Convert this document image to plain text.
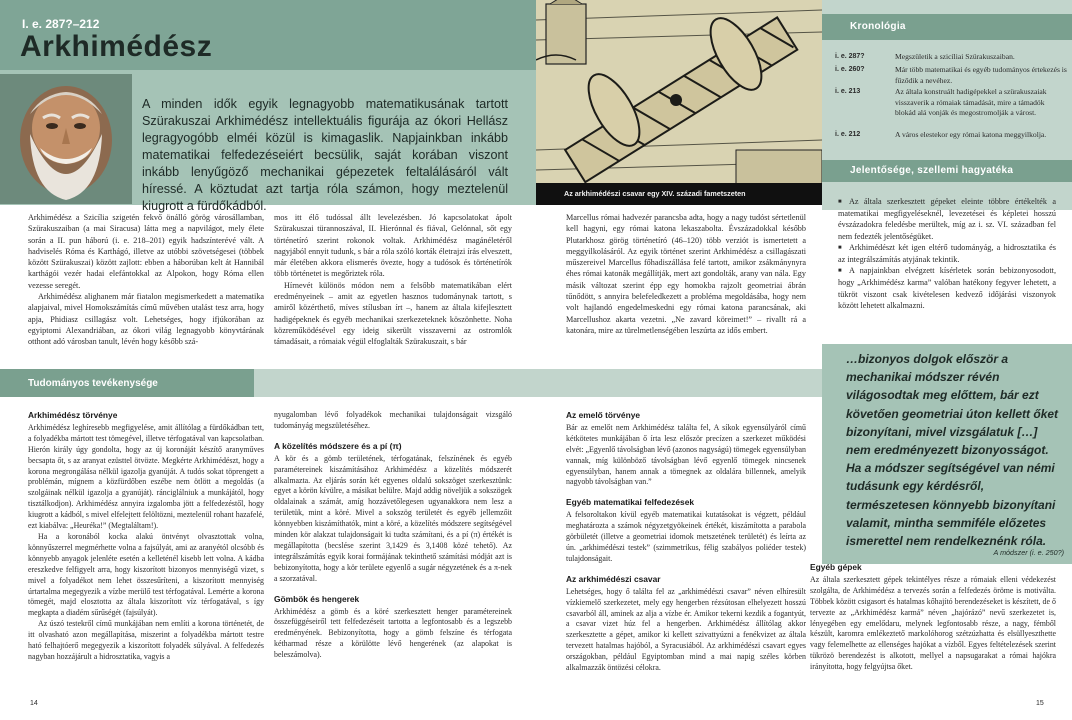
I. e. 287?–212
Arkhimédész
A minden idők egyik legnagyobb matematikusának tartott Szürakuszai Arkhimédész intellektuális figurája az ókori Hellász legragyogóbb elméi közül is kimagaslik. Napjainkban inkább matematikai felfedezéseiért becsülik, saját korában viszont inkább lenyűgöző mechanikai gépezetek feltalálásáról vált híressé. A köztudat azt tartja róla számon, hogy meztelenül kiugrott a fürdőkádból.
Az arkhimédészi csavar egy XIV. századi fametszeten
Kronológia
i. e. 287?	Megszületik a szicíliai Szürakuszaiban.
i. e. 260?	Már több matematikai és egyéb tudományos értekezés is fűződik a nevéhez.
i. e. 213	Az általa konstruált hadigépekkel a szürakuszaiak visszaverik a rómaiak támadását, mire a támadók blokád alá vonják és megostromolják a várost.
i. e. 212	A város elestekor egy római katona meggyilkolja.
Jelentősége, szellemi hagyatéka
■ Az általa szerkesztett gépeket eleinte többre értékelték a matematikai megfigyeléseknél, levezetései és képletei hosszú évszázadokra feledésbe merültek, míg az i. sz. VI. században fel nem fedezték jelentőségüket.
■ Arkhimédészt két igen eltérő tudományág, a hidrosztatika és az integrálszámítás atyjának tekintik.
■ A napjainkban elvégzett kísérletek során bebizonyosodott, hogy „Arkhimédész karma” valóban hatékony fegyver lehetett, a tükröt viszont csak kivételesen kedvező időjárási viszonyok között lehetett alkalmazni.
…bizonyos dolgok először a mechanikai módszer révén világosodtak meg előttem, bár ezt követően geometriai úton kellett őket bizonyítani, mivel vizsgálatuk […] nem eredményezett bizonyosságot. Ha a módszer segítségével van némi tudásunk egy kérdésről, természetesen könnyebb bizonyítani valamit, mintha semmiféle előzetes ismerettel nem rendelkeznénk róla.
A módszer (i. e. 250?)

Arkhimédész a Szicília szigetén fekvő önálló görög városállamban, Szürakuszaiban (a mai Siracusa) látta meg a napvilágot, mely élete során a II. pun háború (i. e. 218–201) egyik hadszínterévé vált. A hadviselés Róma és Karthágó, illetve az utóbbi szövetségesei (többek között Szürakuszai) között zajlott: ebben a háborúban kelt át Hannibál karthágói vezér hadai elefántokkal az Alpokon, hogy Róma ellen vezesse seregét.

Arkhimédész alighanem már fiatalon megismerkedett a matematika alapjaival, mivel Homokszámítás című művében utalást tesz arra, hogy apja, Phidiasz csillagász volt. Lehetséges, hogy ifjúkorában az egyiptomi Alexandriában, az ókori világ legnagyobb könyvtárának otthont adó városban tanult, lévén hogy később szá-

mos itt élő tudóssal állt levelezésben. Jó kapcsolatokat ápolt Szürakuszai türannoszával, II. Hierónnal és fiával, Gelónnal, sőt egy történetíró szerint rokonok voltak. Arkhimédész magánéletéről nagyjából ennyit tudunk, s bár a róla szóló korták életrajzi írás elveszett, már életében akkora elismerés övezte, hogy a tudósok és történetírók több történetet is megőriztek róla.

Hírnevét különös módon nem a felsőbb matematikában elért eredményeinek – amit az egyetlen hasznos tudománynak tartott, s amiről közérthető, míves stílusban írt –, hanem az általa kifejlesztett hadigépeknek és egyéb mechanikai szerkezeteknek köszönhette. Noha közreműködésével egy ideig sikerült visszaverni az ostromlók támadásait, a rómaiak végül elfoglalták Szürakuszait, s bár

Marcellus római hadvezér parancsba adta, hogy a nagy tudóst sértetlenül kell hagyni, egy római katona lekaszabolta. Évszázadokkal később Plutarkhosz görög történetíró (46–120) több verziót is ismertetett a meggyilkolásáról. Az egyik történet szerint Arkhimédész a csillagászati műszereivel Marcellus főhadiszállása felé tartott, amikor zsákmánynyra éhes római katonák megállítják, mert azt gondolták, arany van nála. Egy másik változat szerint épp egy homokba rajzolt geometriai ábrán tűnődött, s annyira belefeledkezett a probléma megoldásába, hogy nem volt hajlandó engedelmeskedni egy római katona parancsának, aki Marcellushoz akarta vezetni. „Ne zavard köreimet!” – rivallt rá a katonára, mire az türelmetlenségében leszúrta az idős embert.

Tudományos tevékenysége
Arkhimédész törvénye

Arkhimédész leghíresebb megfigyelése, amit állítólag a fürdőkádban tett, a folyadékba mártott test tömegével, illetve térfogatával van kapcsolatban. Hierón király úgy gondolta, hogy az új koronáját készítő aranyműves becsapta őt, s az aranyat ezüsttel ötvözte. Megkérte Arkhimédészt, hogy a korona megrongálása nélkül igazolja gyanúját. A tudós sokat töprengett a problémán, mígnem a közfürdőben eszébe nem ötlött a megoldás (a szolgáinak nélkül igazolja a gyanúját). ránciglálniuk a munkájától, hogy tisztálkodjon). Arkhimédész annyira izgalomba jött a felfedezéstől, hogy kiugrott a kádból, s mivel elfelejtett felöltözni, meztelenül rohant hazafelé, ezt kiabálva: „Heuréka!” (Megtaláltam!).

Ha a koronából kocka alakú öntvényt olvasztottak volna, könnyűszerrel megmérhette volna a fajsúlyát, ami az aranyétól olcsóbb és könnyebb anyagok jelenléte esetén a kelleténél kisebb lett volna. A kádba ereszkedve felfigyelt arra, hogy kiszorított bizonyos mennyiségű vizet, s mivel a folyadékot nem lehet összesűríteni, a kiszorított mennyiség úrtartalma megegyezik a vízbe merülő test térfogatával. Lemérte a korona tömegét, majd elosztotta az általa kiszorított víz térfogatával, s így megkapta a diadém sűrűségét (fajsúlyát).

Az úszó testekről című munkájában nem említi a korona történetét, de itt olvasható azon megállapítása, miszerint a folyadékba mártott testre ható felhajtóerő megegyezik a kiszorított folyadék súlyával. A felfedezés nagyban hozzájárult a hidrosztatika, vagyis a

nyugalomban lévő folyadékok mechanikai tulajdonságait vizsgáló tudományág megszületéséhez.

A közelítés módszere és a pí (π)

A kör és a gömb területének, térfogatának, felszínének és egyéb paramétereinek kiszámításához Arkhimédész a közelítés módszerét alkalmazta. Az eljárás során két egyenes oldalú sokszöget szerkesztünk: egyet a körön kívülre, a másikat belülre. Majd addig növeljük a sokszögek oldalainak a számát, amíg hozzávetőlegesen ugyanakkora nem lesz a területük, mint a köré. Mivel a sokszög területét és egyéb jellemzőit könnyebben kiszámíthatók, mint a köré, a közelítés módszere segítségével minden kör alakzat tulajdonságait ki tudta számítani, és a pí (π) értékét is megállapította (becslése szerint 3,1429 és 3,1408 közé tehető). Az integrálszámítás egyik korai formájának tekinthető számítási módját azt is bebizonyította, hogy a kör területe egyenlő a sugár négyzetének és a π-nek a szorzatával.

Gömbök és hengerek

Arkhimédész a gömb és a köré szerkesztett henger paramétereinek összefüggéseiről tett felfedezéseit tartotta a legfontosabb és a legszebb eredményének. Bebizonyította, hogy a gömb felszíne és térfogata kétharmad része a körülötte lévő hengerének (az alapokat is beleszámolva).

Az emelő törvénye

Bár az emelőt nem Arkhimédész találta fel, A síkok egyensúlyáról című kétkötetes munkájában ő írta lesz először precízen a szerkezet működési elvét: „Egyenlő távolságban lévő (azonos nagyságú) tömegek egyensúlyban vannak, míg különböző távolságban lévő egyenlő tömegek nincsenek egyensúlyban, hanem annak a tömegnek az oldalára billennek, amelyik nagyobb távolságban van.”

Egyéb matematikai felfedezések

A felsoroltakon kívül egyéb matematikai kutatásokat is végzett, például meghatározta a számok négyzetgyökeinek értékét, kiszámította a parabola görbületét (illetve a geometriai idomok metszetének területét) és leírta az ún. „arkhimédészi testek” (szimmetrikus, félig szabályos poliéder testek) tulajdonságait.

Az arkhimédészi csavar

Lehetséges, hogy ő találta fel az „arkhimédészi csavar” néven elhíresült vízkiemelő szerkezetet, mely egy hengerben rézsútosan elhelyezett hosszú csavarból áll, aminek az alja a vízbe ér. Amikor tekerni kezdik a fogantyút, a csavar vizet húz fel a hengerben. Arkhimédész állítólag akkor szerkesztette a gépet, amikor ki kellett szivattyúzni a fenékvizet az általa tervezett hatalmas hajóból, a Syracusiából. Az arkhimédészi csavart egyes országokban, például Egyiptomban mind a mai napig széles körben alkalmazzák öntözési célokra.

Egyéb gépek

Az általa szerkesztett gépek tekintélyes része a rómaiak elleni védekezést szolgálta, de Arkhimédész a tervezés során a felfedezés öröme is motiválta. Többek között csigasort és hatalmas kőhajító berendezéseket is készített, de ő tervezte az „Arkhimédész karmá” néven „hajórázó” nevű szerkezetet is, lényegében egy emelődaru, melynek legfontosabb része, a nagy, fémből készült, karomra emlékeztető markolóhorog szétzúzhatta és elsüllyeszthette vagy felemelhette az ellenséges hajókat a vízből. Egyes feltételezések szerint tükrözö berendezést is alkotott, mellyel a napsugarakat a római hajókra irányította, hogy felgyújtsa őket.

14	15
